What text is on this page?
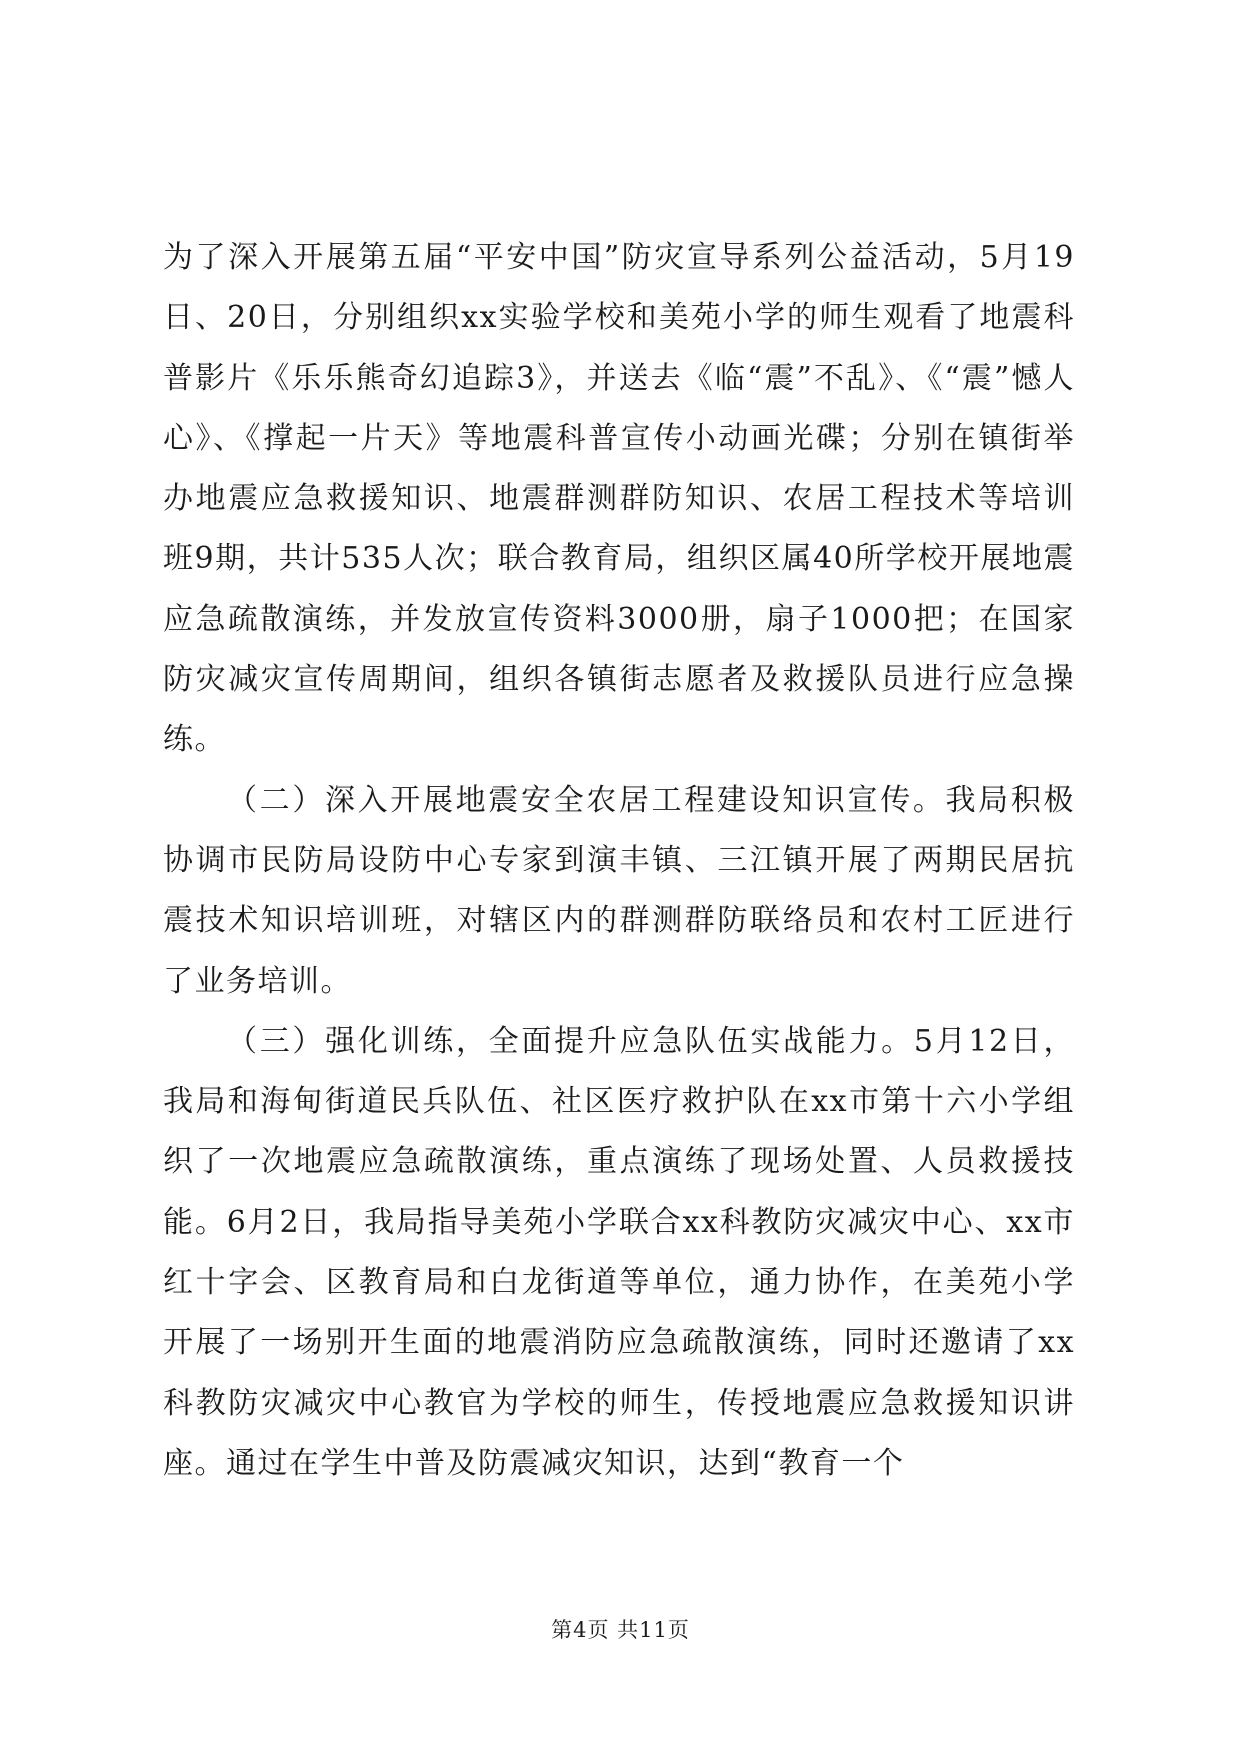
为了深入开展第五届“平安中国”防灾宣导系列公益活动，5月19日、20日，分别组织xx实验学校和美苑小学的师生观看了地震科普影片《乐乐熊奇幻追踪3》，并送去《临“震”不乱》、《“震”憾人心》、《撑起一片天》等地震科普宣传小动画光碟；分别在镇街举办地震应急救援知识、地震群测群防知识、农居工程技术等培训班9期，共计535人次；联合教育局，组织区属40所学校开展地震应急疏散演练，并发放宣传资料3000册，扇子1000把；在国家防灾减灾宣传周期间，组织各镇街志愿者及救援队员进行应急操练。

（二）深入开展地震安全农居工程建设知识宣传。我局积极协调市民防局设防中心专家到演丰镇、三江镇开展了两期民居抗震技术知识培训班，对辖区内的群测群防联络员和农村工匠进行了业务培训。

（三）强化训练，全面提升应急队伍实战能力。5月12日，我局和海甸街道民兵队伍、社区医疗救护队在xx市第十六小学组织了一次地震应急疏散演练，重点演练了现场处置、人员救援技能。6月2日，我局指导美苑小学联合xx科教防灾减灾中心、xx市红十字会、区教育局和白龙街道等单位，通力协作，在美苑小学开展了一场别开生面的地震消防应急疏散演练，同时还邀请了xx科教防灾减灾中心教官为学校的师生，传授地震应急救援知识讲座。通过在学生中普及防震减灾知识，达到“教育一个

第4页 共11页
